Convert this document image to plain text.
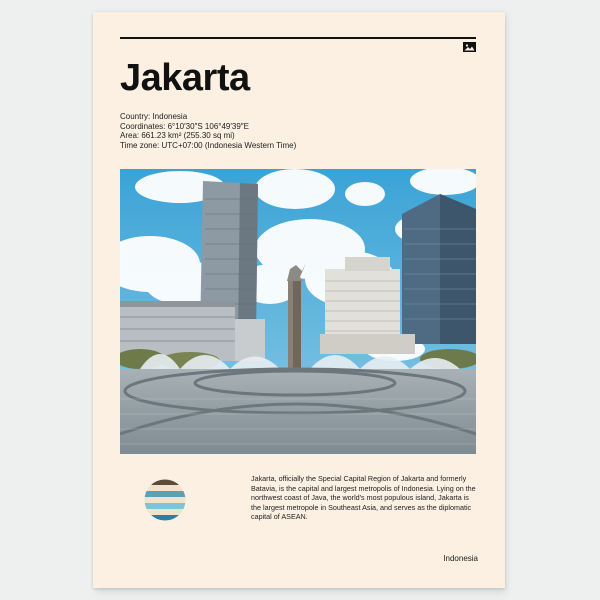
Jakarta
Country: Indonesia
Coordinates: 6°10′30″S 106°49′39″E
Area: 661.23 km² (255.30 sq mi)
Time zone: UTC+07:00 (Indonesia Western Time)
Jakarta, officially the Special Capital Region of Jakarta and formerly Batavia, is the capital and largest metropolis of Indonesia. Lying on the northwest coast of Java, the world's most populous island, Jakarta is the largest metropole in Southeast Asia, and serves as the diplomatic capital of ASEAN.
Indonesia
